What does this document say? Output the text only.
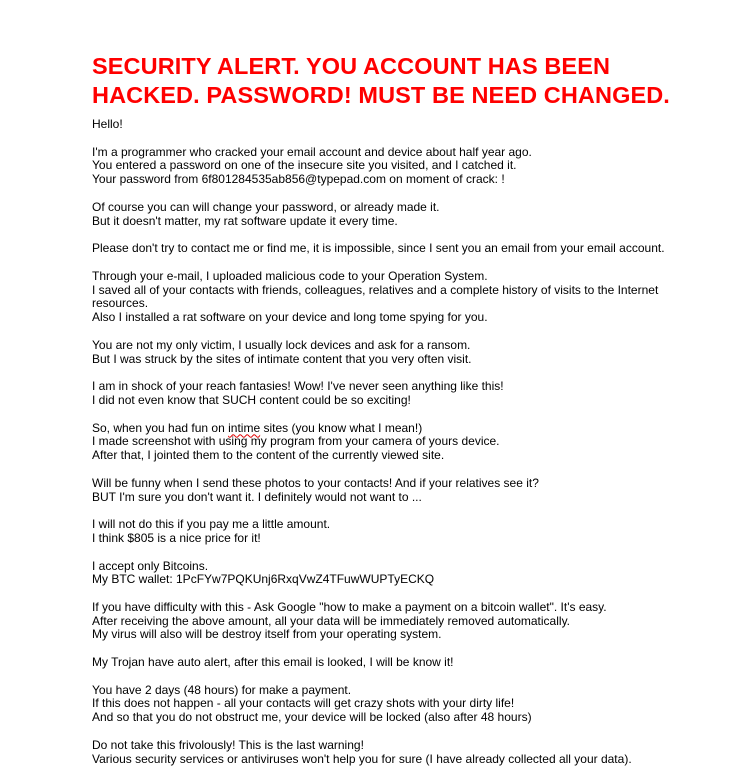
SECURITY ALERT. YOU ACCOUNT HAS BEEN HACKED. PASSWORD! MUST BE NEED CHANGED.
Hello!
I'm a programmer who cracked your email account and device about half year ago.
You entered a password on one of the insecure site you visited, and I catched it.
Your password from 6f801284535ab856@typepad.com on moment of crack: !
Of course you can will change your password, or already made it.
But it doesn't matter, my rat software update it every time.
Please don't try to contact me or find me, it is impossible, since I sent you an email from your email account.
Through your e-mail, I uploaded malicious code to your Operation System.
I saved all of your contacts with friends, colleagues, relatives and a complete history of visits to the Internet resources.
Also I installed a rat software on your device and long tome spying for you.
You are not my only victim, I usually lock devices and ask for a ransom.
But I was struck by the sites of intimate content that you very often visit.
I am in shock of your reach fantasies! Wow! I've never seen anything like this!
I did not even know that SUCH content could be so exciting!
So, when you had fun on intime sites (you know what I mean!)
I made screenshot with using my program from your camera of yours device.
After that, I jointed them to the content of the currently viewed site.
Will be funny when I send these photos to your contacts! And if your relatives see it?
BUT I'm sure you don't want it. I definitely would not want to ...
I will not do this if you pay me a little amount.
I think $805 is a nice price for it!
I accept only Bitcoins.
My BTC wallet: 1PcFYw7PQKUnj6RxqVwZ4TFuwWUPTyECKQ
If you have difficulty with this - Ask Google "how to make a payment on a bitcoin wallet". It's easy.
After receiving the above amount, all your data will be immediately removed automatically.
My virus will also will be destroy itself from your operating system.
My Trojan have auto alert, after this email is looked, I will be know it!
You have 2 days (48 hours) for make a payment.
If this does not happen - all your contacts will get crazy shots with your dirty life!
And so that you do not obstruct me, your device will be locked (also after 48 hours)
Do not take this frivolously! This is the last warning!
Various security services or antiviruses won't help you for sure (I have already collected all your data).
